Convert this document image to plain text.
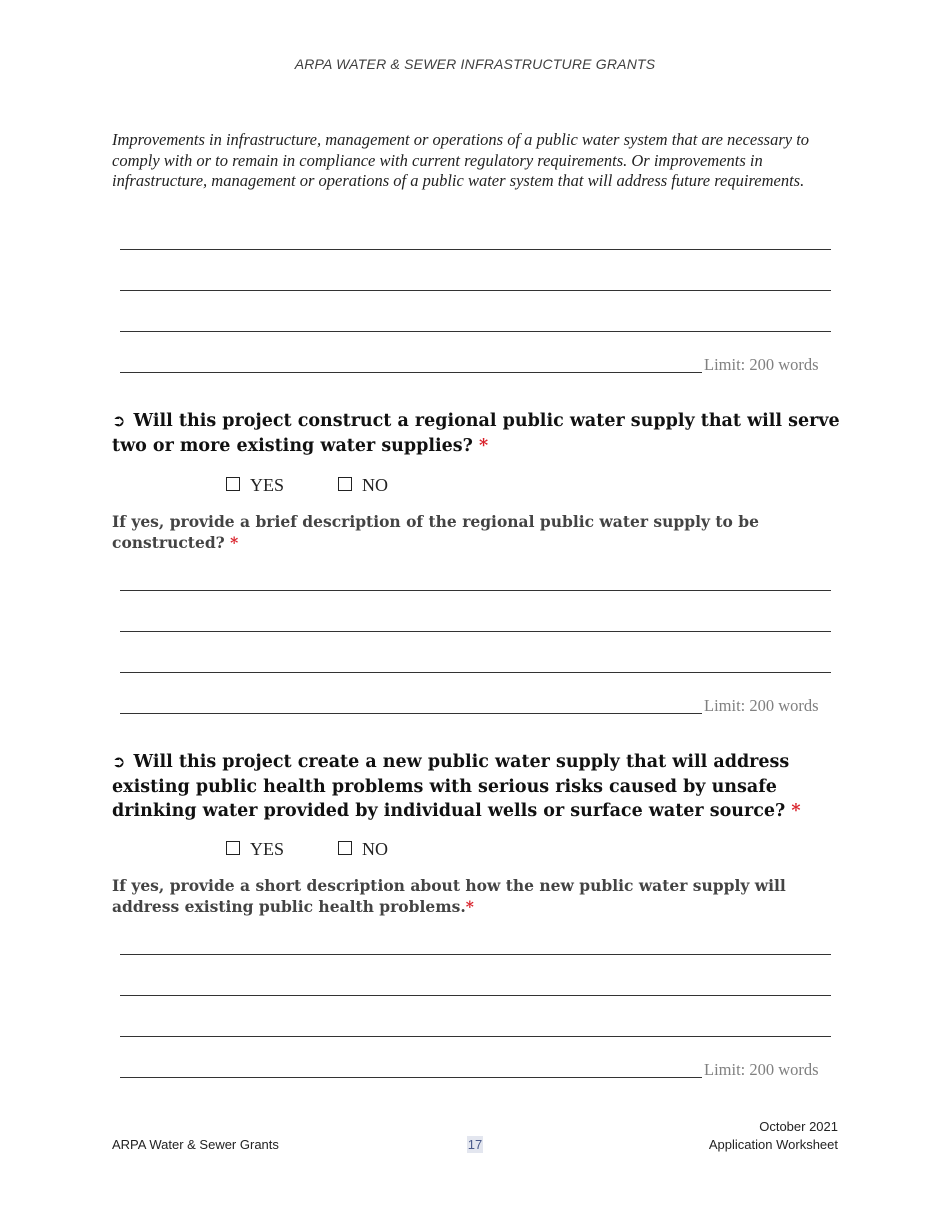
ARPA WATER & SEWER INFRASTRUCTURE GRANTS
Improvements in infrastructure, management or operations of a public water system that are necessary to comply with or to remain in compliance with current regulatory requirements. Or improvements in infrastructure, management or operations of a public water system that will address future requirements.
Limit: 200 words
➲ Will this project construct a regional public water supply that will serve two or more existing water supplies? *
YES	NO
If yes, provide a brief description of the regional public water supply to be constructed? *
Limit: 200 words
➲ Will this project create a new public water supply that will address existing public health problems with serious risks caused by unsafe drinking water provided by individual wells or surface water source? *
YES	NO
If yes, provide a short description about how the new public water supply will address existing public health problems.*
Limit: 200 words
ARPA Water & Sewer Grants	17
October 2021
Application Worksheet
